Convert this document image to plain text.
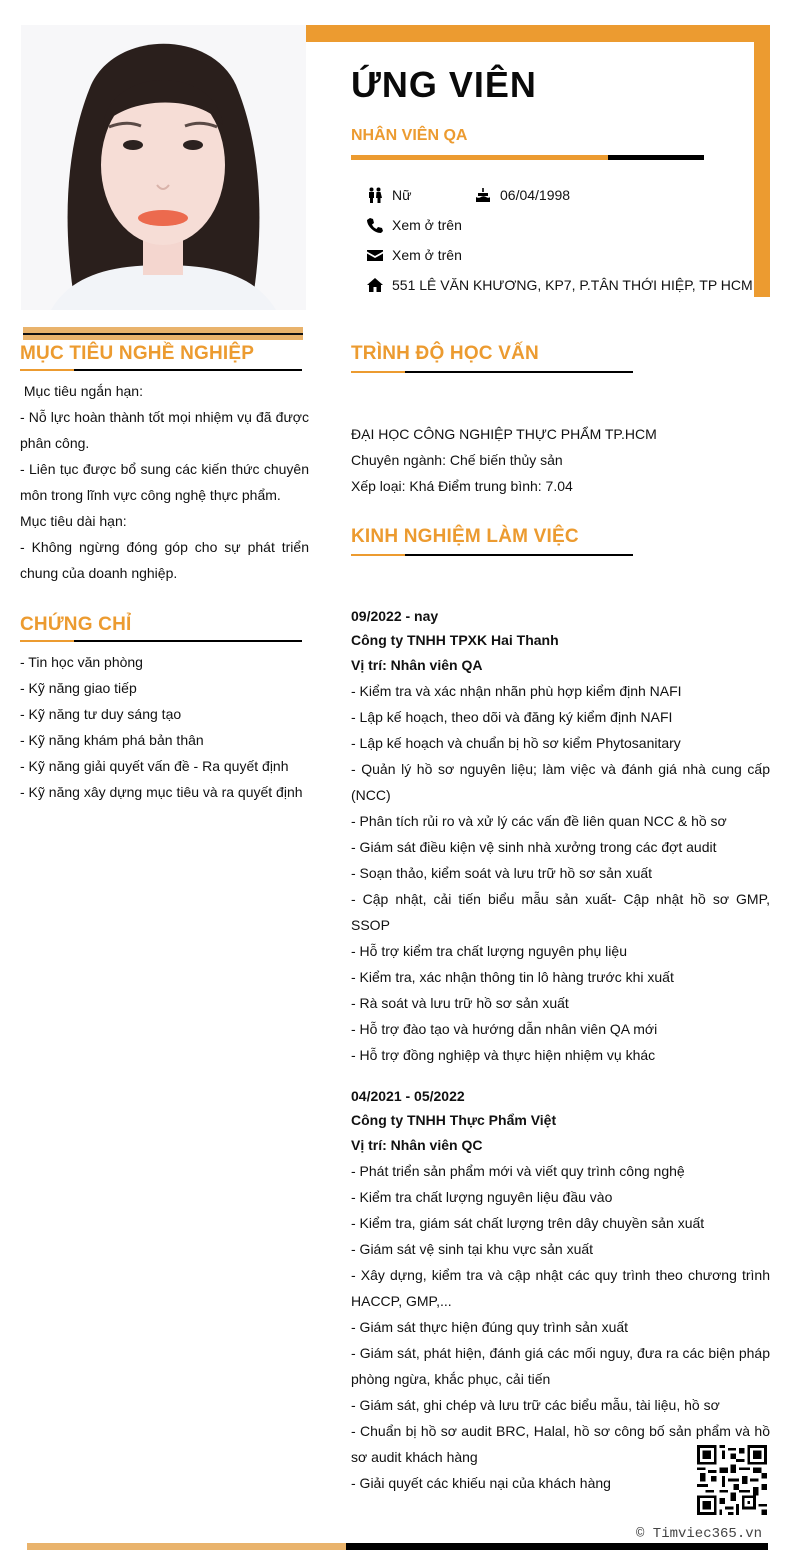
ỨNG VIÊN
NHÂN VIÊN QA
Nữ	06/04/1998
Xem ở trên
Xem ở trên
551 LÊ VĂN KHƯƠNG, KP7, P.TÂN THỚI HIỆP, TP HCM
MỤC TIÊU NGHỀ NGHIỆP
Mục tiêu ngắn hạn:
- Nỗ lực hoàn thành tốt mọi nhiệm vụ đã được phân công.
- Liên tục được bổ sung các kiến thức chuyên môn trong lĩnh vực công nghệ thực phẩm.
Mục tiêu dài hạn:
- Không ngừng đóng góp cho sự phát triển chung của doanh nghiệp.
CHỨNG CHỈ
- Tin học văn phòng
- Kỹ năng giao tiếp
- Kỹ năng tư duy sáng tạo
- Kỹ năng khám phá bản thân
- Kỹ năng giải quyết vấn đề - Ra quyết định
- Kỹ năng xây dựng mục tiêu và ra quyết định
TRÌNH ĐỘ HỌC VẤN
ĐẠI HỌC CÔNG NGHIỆP THỰC PHẨM TP.HCM
Chuyên ngành: Chế biến thủy sản
Xếp loại: Khá Điểm trung bình: 7.04
KINH NGHIỆM LÀM VIỆC
09/2022 - nay
Công ty TNHH TPXK Hai Thanh
Vị trí: Nhân viên QA
- Kiểm tra và xác nhận nhãn phù hợp kiểm định NAFI
- Lập kế hoạch, theo dõi và đăng ký kiểm định NAFI
- Lập kế hoạch và chuẩn bị hồ sơ kiểm Phytosanitary
- Quản lý hồ sơ nguyên liệu; làm việc và đánh giá nhà cung cấp (NCC)
- Phân tích rủi ro và xử lý các vấn đề liên quan NCC & hồ sơ
- Giám sát điều kiện vệ sinh nhà xưởng trong các đợt audit
- Soạn thảo, kiểm soát và lưu trữ hồ sơ sản xuất
- Cập nhật, cải tiến biểu mẫu sản xuất- Cập nhật hồ sơ GMP, SSOP
- Hỗ trợ kiểm tra chất lượng nguyên phụ liệu
- Kiểm tra, xác nhận thông tin lô hàng trước khi xuất
- Rà soát và lưu trữ hồ sơ sản xuất
- Hỗ trợ đào tạo và hướng dẫn nhân viên QA mới
- Hỗ trợ đồng nghiệp và thực hiện nhiệm vụ khác
04/2021 - 05/2022
Công ty TNHH Thực Phẩm Việt
Vị trí: Nhân viên QC
- Phát triển sản phẩm mới và viết quy trình công nghệ
- Kiểm tra chất lượng nguyên liệu đầu vào
- Kiểm tra, giám sát chất lượng trên dây chuyền sản xuất
- Giám sát vệ sinh tại khu vực sản xuất
- Xây dựng, kiểm tra và cập nhật các quy trình theo chương trình HACCP, GMP,...
- Giám sát thực hiện đúng quy trình sản xuất
- Giám sát, phát hiện, đánh giá các mối nguy, đưa ra các biện pháp phòng ngừa, khắc phục, cải tiến
- Giám sát, ghi chép và lưu trữ các biểu mẫu, tài liệu, hồ sơ
- Chuẩn bị hồ sơ audit BRC, Halal, hồ sơ công bố sản phẩm và hồ sơ audit khách hàng
- Giải quyết các khiếu nại của khách hàng
© Timviec365.vn
